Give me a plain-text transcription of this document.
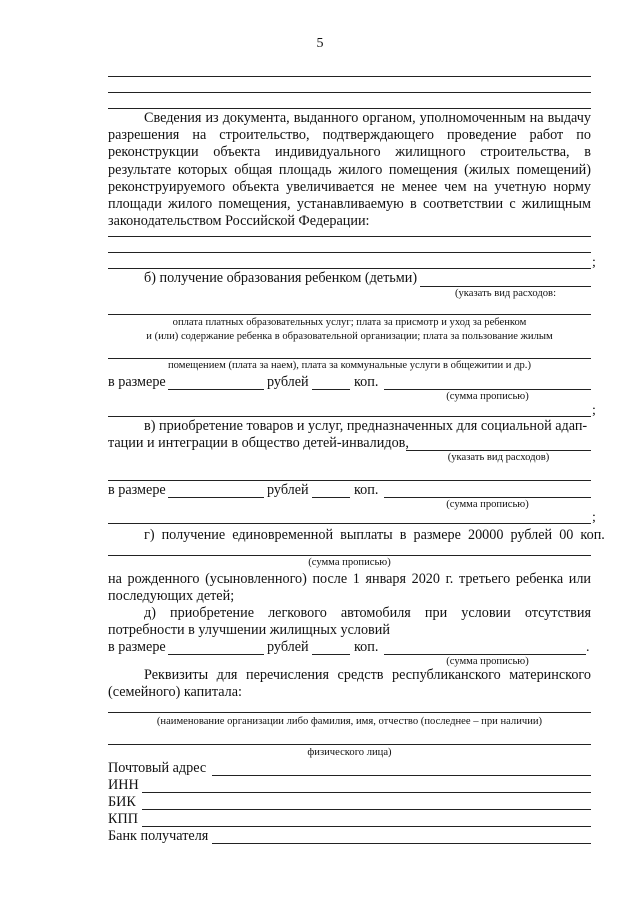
5
Сведения из документа, выданного органом, уполномоченным на выдачу разрешения на строительство, подтверждающего проведение работ по реконструкции объекта индивидуального жилищного строительства, в результате которых общая площадь жилого помещения (жилых помещений) реконструируемого объекта увеличивается не менее чем на учетную норму площади жилого помещения, устанавливаемую в соответствии с жилищным законодательством Российской Федерации:
;
б) получение образования ребенком (детьми)
(указать вид расходов:
оплата платных образовательных услуг; плата за присмотр и уход за ребенком
и (или) содержание ребенка в образовательной организации; плата за пользование жилым
помещением (плата за наем), плата за коммунальные услуги в общежитии и др.)
в размере	рублей	коп.
(сумма прописью)
;
в) приобретение товаров и услуг, предназначенных для социальной адап-
тации и интеграции в общество детей-инвалидов,
(указать вид расходов)
в размере	рублей	коп.
(сумма прописью)
;
г) получение единовременной выплаты в размере 20000 рублей 00 коп.
(сумма прописью)
на рожденного (усыновленного) после 1 января 2020 г. третьего ребенка или последующих детей;
д) приобретение легкового автомобиля при условии отсутствия потребности в улучшении жилищных условий
в размере	рублей	коп.	.
(сумма прописью)
Реквизиты для перечисления средств республиканского материнского (семейного) капитала:
(наименование организации либо фамилия, имя, отчество (последнее – при наличии)
физического лица)
Почтовый адрес
ИНН
БИК
КПП
Банк получателя
